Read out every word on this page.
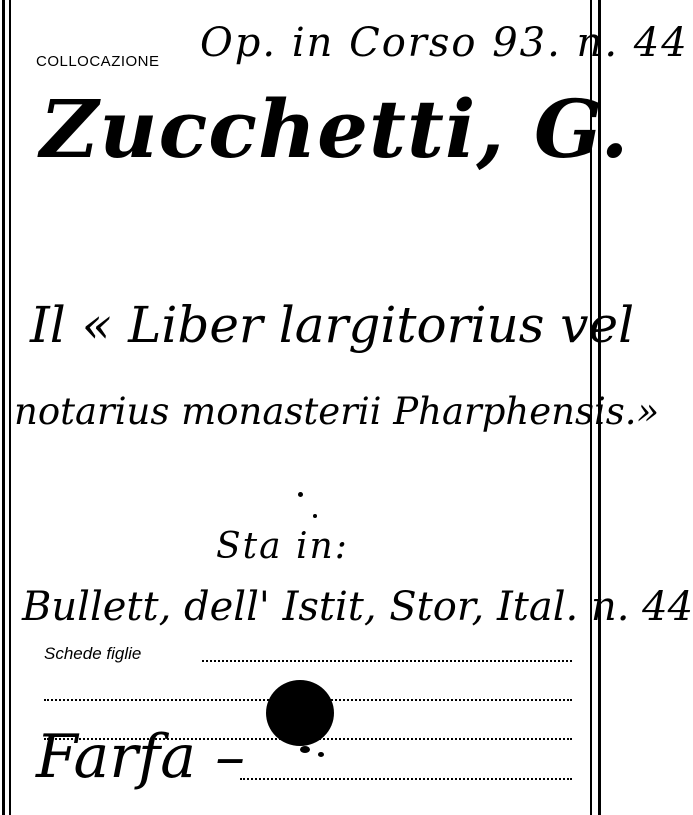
COLLOCAZIONE Op. in Corso 93. n. 44
Zucchetti, G.
Il « Liber largitorius vel
notarius monasterii Pharphensis.»
Sta in:
Bullett, dell' Istit, Stor, Ital. n. 44
Schede figlie
Farfa –
